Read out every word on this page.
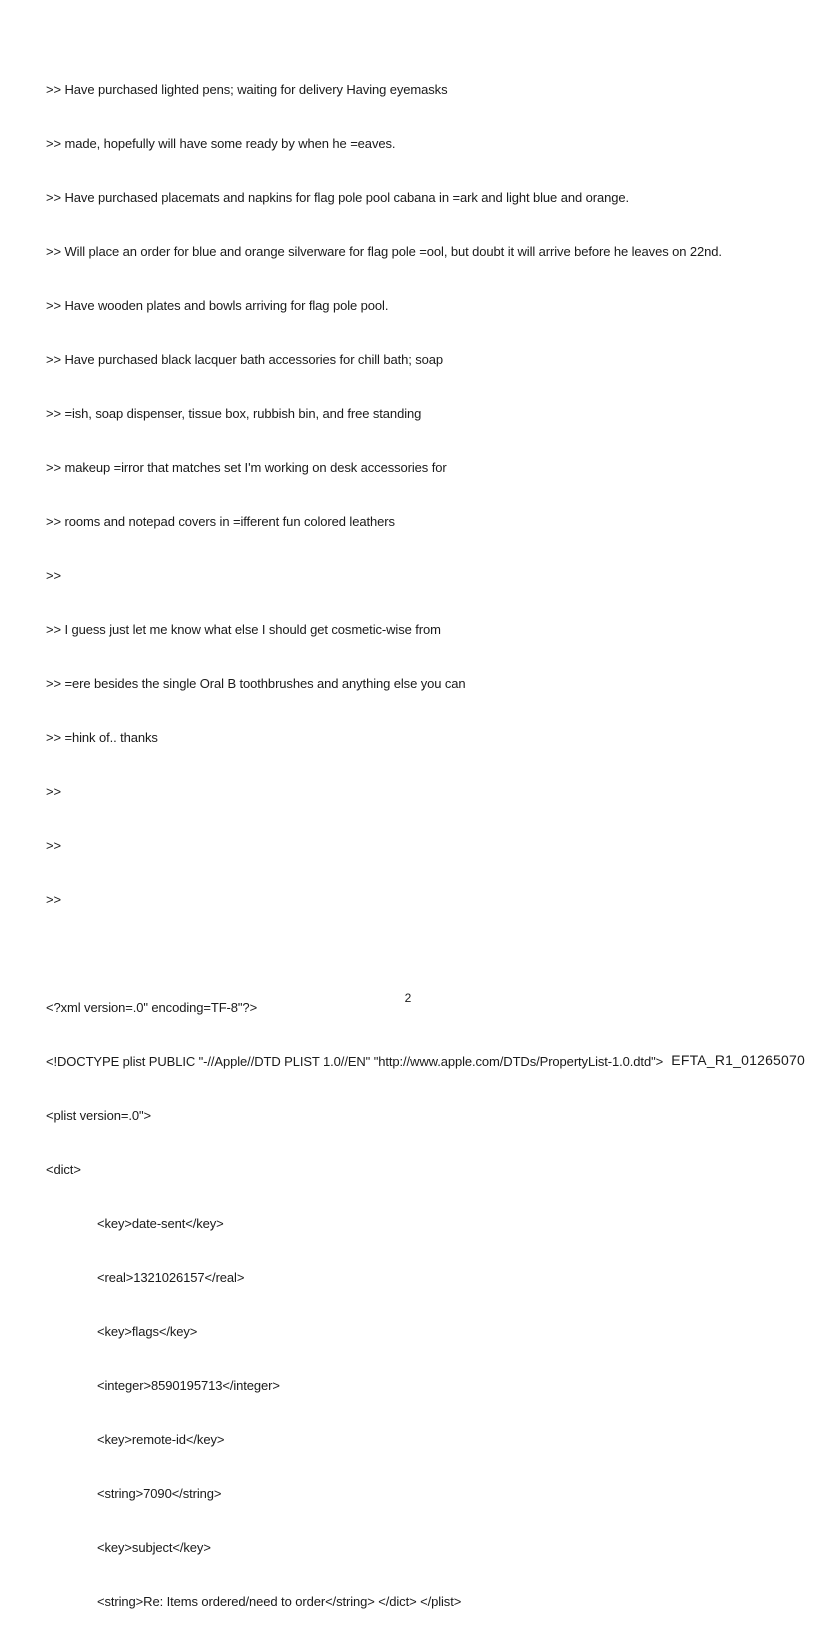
>> Have purchased lighted pens; waiting for delivery Having eyemasks

>> made, hopefully will have some ready by when he =eaves.

>> Have purchased placemats and napkins for flag pole pool cabana in =ark and light blue and orange.

>> Will place an order for blue and orange silverware for flag pole =ool, but doubt it will arrive before he leaves on 22nd.

>> Have wooden plates and bowls arriving for flag pole pool.

>> Have purchased black lacquer bath accessories for chill bath; soap

>> =ish, soap dispenser, tissue box, rubbish bin, and free standing

>> makeup =irror that matches set I'm working on desk accessories for

>> rooms and notepad covers in =ifferent fun colored leathers

>>

>> I guess just let me know what else I should get cosmetic-wise from

>> =ere besides the single Oral B toothbrushes and anything else you can

>> =hink of.. thanks

>>

>>

>>

<?xml version=.0" encoding=TF-8"?>

<!DOCTYPE plist PUBLIC "-//Apple//DTD PLIST 1.0//EN" "http://www.apple.com/DTDs/PropertyList-1.0.dtd">

<plist version=.0">

<dict>

<key>date-sent</key>

<real>1321026157</real>

<key>flags</key>

<integer>8590195713</integer>

<key>remote-id</key>

<string>7090</string>

<key>subject</key>

<string>Re: Items ordered/need to order</string> </dict> </plist>

2
EFTA_R1_01265070
